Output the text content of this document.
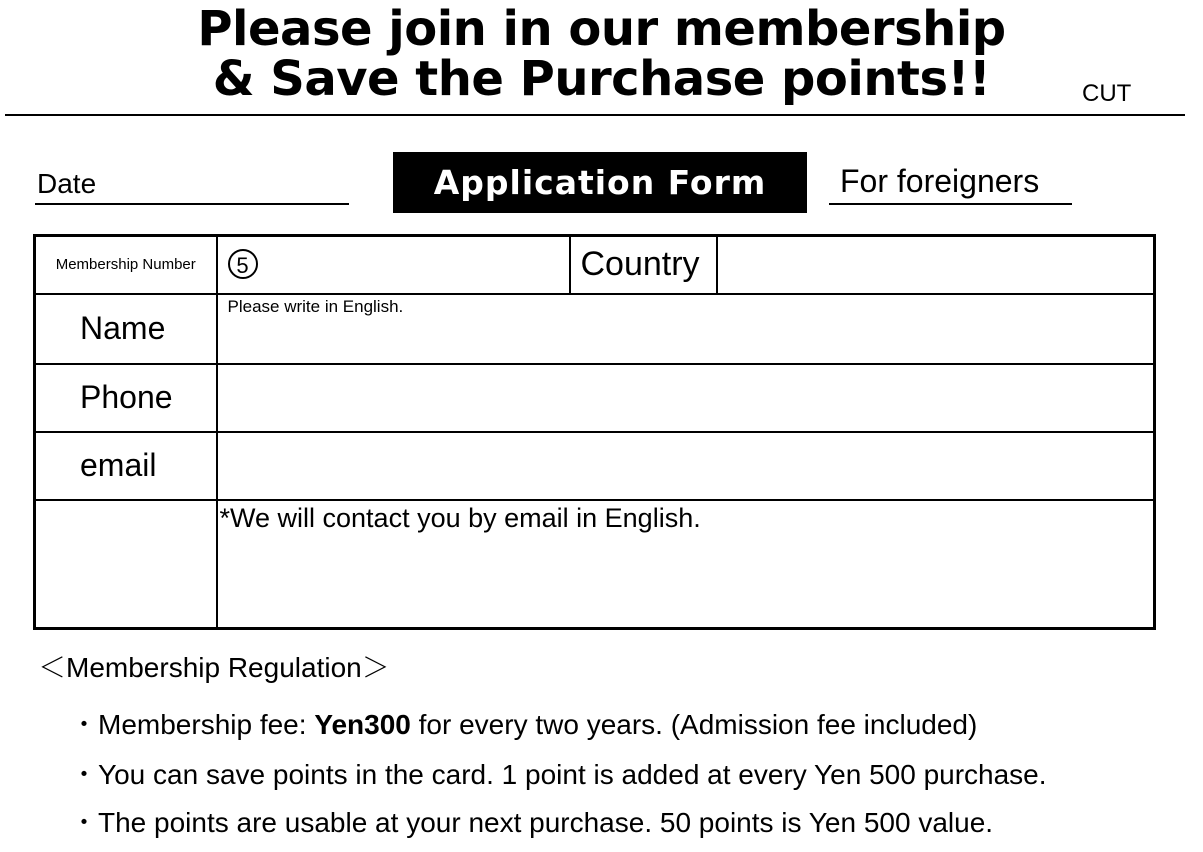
Please join in our membership
& Save the Purchase points!!	CUT
Date	Application Form	For foreigners
Membership Number	5	Country	
Name	Please write in English.		
Phone			
email			
	*We will contact you by email in English.		
＜Membership Regulation＞
・Membership fee: Yen300 for every two years. (Admission fee included)
・You can save points in the card. 1 point is added at every Yen 500 purchase.
・The points are usable at your next purchase. 50 points is Yen 500 value.
